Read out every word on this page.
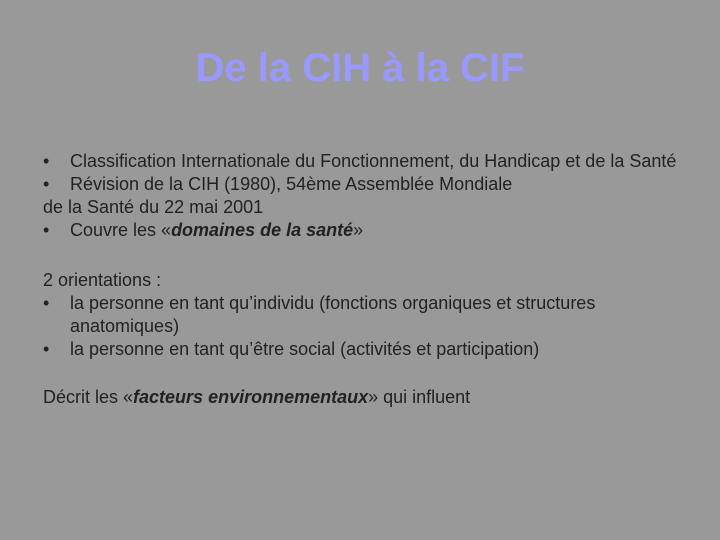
De la CIH à la CIF
• Classification Internationale du Fonctionnement, du Handicap et de la Santé
• Révision de la CIH (1980), 54ème Assemblée Mondiale
de la Santé du 22 mai 2001
• Couvre les «domaines de la santé»
2 orientations :
• la personne en tant qu’individu (fonctions organiques et structures anatomiques)
• la personne en tant qu’être social (activités et participation)
Décrit les «facteurs environnementaux» qui influent
